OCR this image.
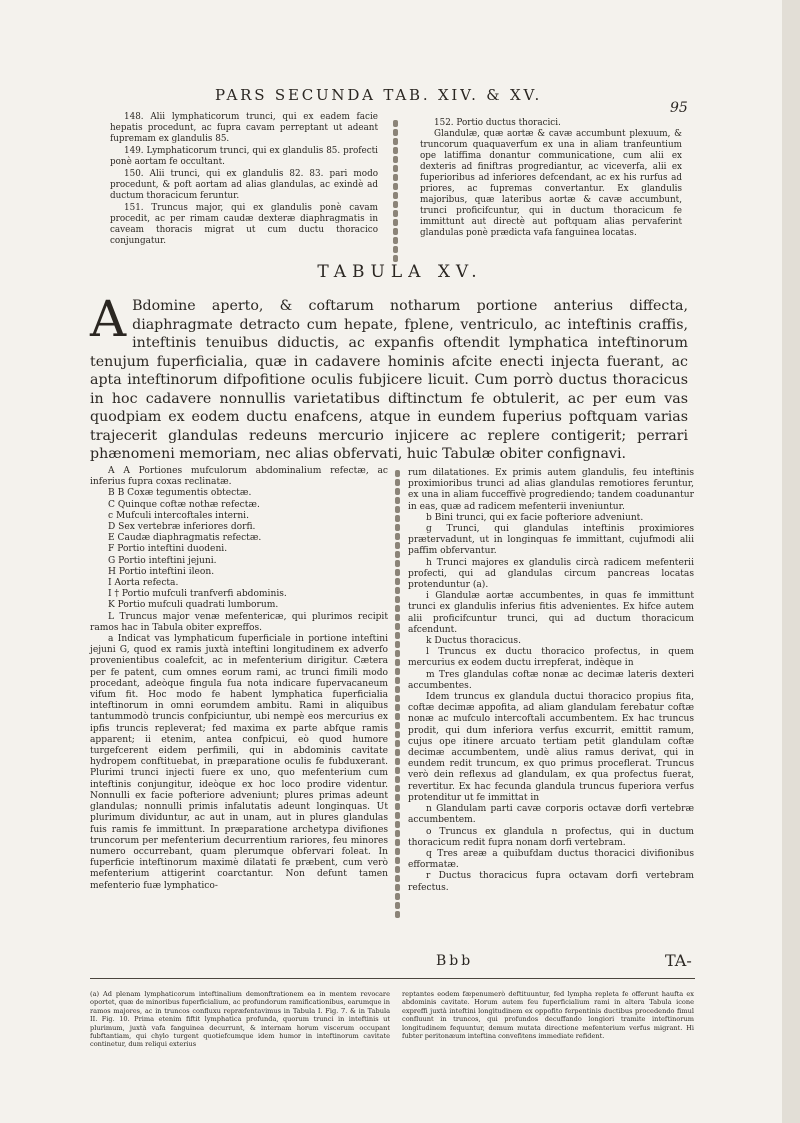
PARS SECUNDA TAB. XIV. & XV.
95

148. Alii lymphaticorum trunci, qui ex eadem facie hepatis procedunt, ac fupra cavam perreptant ut adeant fupremam ex glandulis 85.

149. Lymphaticorum trunci, qui ex glandulis 85. profecti ponè aortam fe occultant.

150. Alii trunci, qui ex glandulis 82. 83. pari modo procedunt, & poft aortam ad alias glandulas, ac exindè ad ductum thoracicum feruntur.

151. Truncus major, qui ex glandulis ponè cavam procedit, ac per rimam caudæ dexteræ diaphragmatis in caveam thoracis migrat ut cum ductu thoracico conjungatur.

152. Portio ductus thoracici.

Glandulæ, quæ aortæ & cavæ accumbunt plexuum, & truncorum quaquaverfum ex una in aliam tranfeuntium ope latiffima donantur communicatione, cum alii ex dexteris ad finiftras progrediantur, ac viceverfa, alii ex fuperioribus ad inferiores defcendant, ac ex his rurfus ad priores, ac fupremas convertantur. Ex glandulis majoribus, quæ lateribus aortæ & cavæ accumbunt, trunci proficifcuntur, qui in ductum thoracicum fe immittunt aut directè aut poftquam alias pervaferint glandulas ponè prædicta vafa fanguinea locatas.

TABULA XV.
A Bdomine aperto, & coftarum notharum portione anterius diffecta, diaphragmate detracto cum hepate, fplene, ventriculo, ac inteftinis craffis, inteftinis tenuibus diductis, ac expanfis oftendit lymphatica inteftinorum tenujum fuperficialia, quæ in cadavere hominis afcite enecti injecta fuerant, ac apta inteftinorum difpofitione oculis fubjicere licuit. Cum porrò ductus thoracicus in hoc cadavere nonnullis varietatibus diftinctum fe obtulerit, ac per eum vas quodpiam ex eodem ductu enafcens, atque in eundem fuperius poftquam varias trajecerit glandulas redeuns mercurio injicere ac replere contigerit; perrari phænomeni memoriam, nec alias obfervati, huic Tabulæ obiter confignavi.

A A Portiones mufculorum abdominalium refectæ, ac inferius fupra coxas reclinatæ.

B B Coxæ tegumentis obtectæ.

C Quinque coftæ nothæ refectæ.

c Mufculi intercoftales interni.

D Sex vertebræ inferiores dorfi.

E Caudæ diaphragmatis refectæ.

F Portio inteftini duodeni.

G Portio inteftini jejuni.

H Portio inteftini ileon.

I Aorta refecta.

I † Portio mufculi tranfverfi abdominis.

K Portio mufculi quadrati lumborum.

L Truncus major venæ mefentericæ, qui plurimos recipit ramos hac in Tabula obiter expreffos.

a Indicat vas lymphaticum fuperficiale in portione inteftini jejuni G, quod ex ramis juxtà inteftini longitudinem ex adverfo provenientibus coalefcit, ac in mefenterium dirigitur. Cætera per fe patent, cum omnes eorum rami, ac trunci fimili modo procedant, adeòque fingula fua nota indicare fupervacaneum vifum fit. Hoc modo fe habent lymphatica fuperficialia inteftinorum in omni eorumdem ambitu. Rami in aliquibus tantummodò truncis confpiciuntur, ubi nempè eos mercurius ex ipfis truncis repleverat; fed maxima ex parte abfque ramis apparent; ii etenim, antea confpicui, eò quod humore turgefcerent eidem perfimili, qui in abdominis cavitate hydropem conftituebat, in præparatione oculis fe fubduxerant. Plurimi trunci injecti fuere ex uno, quo mefenterium cum inteftinis conjungitur, ideòque ex hoc loco prodire videntur. Nonnulli ex facie pofteriore adveniunt; plures primas adeunt glandulas; nonnulli primis infalutatis adeunt longinquas. Ut plurimum dividuntur, ac aut in unam, aut in plures glandulas fuis ramis fe immittunt. In præparatione archetypa divifiones truncorum per mefenterium decurrentium rariores, feu minores numero occurrebant, quam plerumque obfervari foleat. In fuperficie inteftinorum maximè dilatati fe præbent, cum verò mefenterium attigerint coarctantur. Non defunt tamen mefenterio fuæ lymphatico-

rum dilatationes. Ex primis autem glandulis, feu inteftinis proximioribus trunci ad alias glandulas remotiores feruntur, ex una in aliam fucceffivè progrediendo; tandem coadunantur in eas, quæ ad radicem mefenterii inveniuntur.

b Bini trunci, qui ex facie pofteriore adveniunt.

g Trunci, qui glandulas inteftinis proximiores prætervadunt, ut in longinquas fe immittant, cujufmodi alii paffim obfervantur.

h Trunci majores ex glandulis circà radicem mefenterii profecti, qui ad glandulas circum pancreas locatas protenduntur (a).

i Glandulæ aortæ accumbentes, in quas fe immittunt trunci ex glandulis inferius fitis advenientes. Ex hifce autem alii proficifcuntur trunci, qui ad ductum thoracicum afcendunt.

k Ductus thoracicus.

l Truncus ex ductu thoracico profectus, in quem mercurius ex eodem ductu irrepferat, indèque in

m Tres glandulas coftæ nonæ ac decimæ lateris dexteri accumbentes.

Idem truncus ex glandula ductui thoracico propius fita, coftæ decimæ appofita, ad aliam glandulam ferebatur coftæ nonæ ac mufculo intercoftali accumbentem. Ex hac truncus prodit, qui dum inferiora verfus excurrit, emittit ramum, cujus ope itinere arcuato tertiam petit glandulam coftæ decimæ accumbentem, undè alius ramus derivat, qui in eundem redit truncum, ex quo primus proceflerat. Truncus verò dein reflexus ad glandulam, ex qua profectus fuerat, revertitur. Ex hac fecunda glandula truncus fuperiora verfus protenditur ut fe immittat in

n Glandulam parti cavæ corporis octavæ dorfi vertebræ accumbentem.

o Truncus ex glandula n profectus, qui in ductum thoracicum redit fupra nonam dorfi vertebram.

q Tres areæ a quibufdam ductus thoracici divifionibus efformatæ.

r Ductus thoracicus fupra octavam dorfi vertebram refectus.

Bbb	TA-
(a) Ad plenam lymphaticorum inteftinalium demonftrationem ea in mentem revocare oportet, quæ de minoribus fuperficialium, ac profundorum ramificationibus, earumque in ramos majores, ac in truncos confluxu repræfentavimus in Tabula I. Fig. 7. & in Tabula II. Fig. 10. Prima etenim fiftit lymphatica profunda, quorum trunci in inteftinis ut plurimum, juxtà vafa fanguinea decurrunt, & internam horum viscerum occupant fubftantiam, qui chylo turgent quotiefcumque idem humor in inteftinorum cavitate continetur, dum reliqui exterius
reptantes eodem fæpenumerò deftituuntur, fed lympha repleta fe offerunt haufta ex abdominis cavitate. Horum autem feu fuperficialium rami in altera Tabula icone expreffi juxtà inteftini longitudinem ex oppofito ferpentinis ductibus procedendo fimul confluunt in truncos, qui profundos decuffando longiori tramite inteftinorum longitudinem fequuntur, demum mutata directione mefenterium verfus migrant. Hi fubter peritonæum inteftina convefitens immediate refident.
